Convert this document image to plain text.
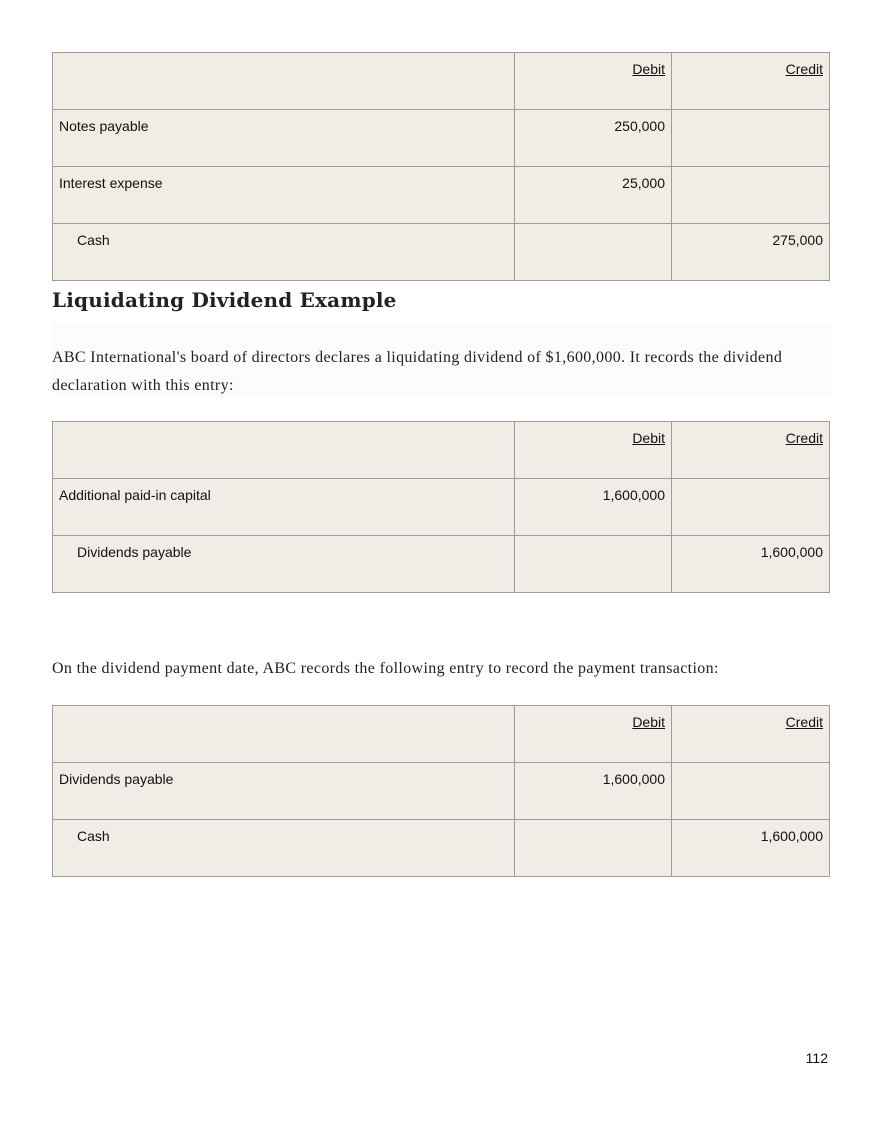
	Debit	Credit
Notes payable	250,000	
Interest expense	25,000	
Cash		275,000
Liquidating Dividend Example

ABC International's board of directors declares a liquidating dividend of $1,600,000. It records the dividend declaration with this entry:

	Debit	Credit
Additional paid-in capital	1,600,000	
Dividends payable		1,600,000

On the dividend payment date, ABC records the following entry to record the payment transaction:

	Debit	Credit
Dividends payable	1,600,000	
Cash		1,600,000
112
